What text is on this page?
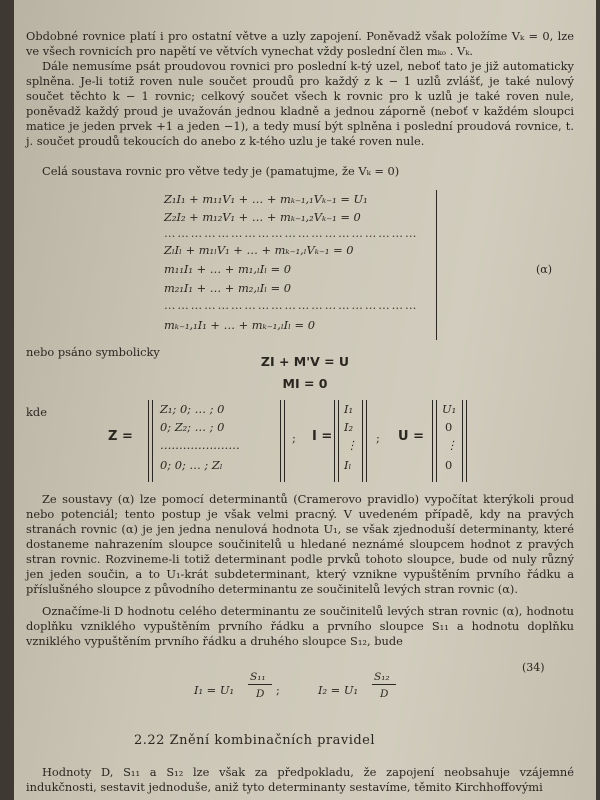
Obdobné rovnice platí i pro ostatní větve a uzly zapojení. Poněvadž však položíme Vₖ = 0, lze ve všech rovnicích pro napětí ve větvích vynechat vždy poslední člen mₖₒ . Vₖ.

Dále nemusíme psát proudovou rovnici pro poslední k-tý uzel, neboť tato je již automaticky splněna. Je-li totiž roven nule součet proudů pro každý z k − 1 uzlů zvlášť, je také nulový součet těchto k − 1 rovnic; celkový součet všech k rovnic pro k uzlů je také roven nule, poněvadž každý proud je uvažován jednou kladně a jednou záporně (neboť v každém sloupci matice je jeden prvek +1 a jeden −1), a tedy musí být splněna i poslední proudová rovnice, t. j. součet proudů tekoucích do anebo z k-tého uzlu je také roven nule.

Celá soustava rovnic pro větve tedy je (pamatujme, že Vₖ = 0)

Z₁I₁ + m₁₁V₁ + … + mₖ₋₁,₁Vₖ₋₁ = U₁
Z₂I₂ + m₁₂V₁ + … + mₖ₋₁,₂Vₖ₋₁ = 0
…………………………………………………
ZₗIₗ + m₁ₗV₁ + … + mₖ₋₁,ₗVₖ₋₁ = 0
m₁₁I₁ + … + m₁,ₗIₗ = 0
m₂₁I₁ + … + m₂,ₗIₗ = 0
…………………………………………………
mₖ₋₁,₁I₁ + … + mₖ₋₁,ₗIₗ = 0
(α)

nebo psáno symbolicky

ZI + M'V = U
MI = 0

kde

Z =
Z₁; 0; … ; 0
0; Z₂; … ; 0
…………………
0; 0; … ; Zₗ
; I =
I₁
I₂
⋮
Iₗ
; U =
U₁
0
⋮
0

Ze soustavy (α) lze pomocí determinantů (Cramerovo pravidlo) vypočítat kterýkoli proud nebo potenciál; tento postup je však velmi pracný. V uvedeném případě, kdy na pravých stranách rovnic (α) je jen jedna nenulová hodnota U₁, se však zjednoduší determinanty, které dostaneme nahrazením sloupce součinitelů u hledané neznámé sloupcem hodnot z pravých stran rovnic. Rozvineme-li totiž determinant podle prvků tohoto sloupce, bude od nuly různý jen jeden součin, a to U₁-krát subdeterminant, který vznikne vypuštěním prvního řádku a příslušného sloupce z původního determinantu ze součinitelů levých stran rovnic (α).

Označíme-li D hodnotu celého determinantu ze součinitelů levých stran rovnic (α), hodnotu doplňku vzniklého vypuštěním prvního řádku a prvního sloupce S₁₁ a hodnotu doplňku vzniklého vypuštěním prvního řádku a druhého sloupce S₁₂, bude

I₁ = U₁
S₁₁
D ;	I₂ = U₁
S₁₂
D
(34)
2.22 Znění kombinačních pravidel

Hodnoty D, S₁₁ a S₁₂ lze však za předpokladu, že zapojení neobsahuje vzájemné indukčnosti, sestavit jednoduše, aniž tyto determinanty sestavíme, těmito Kirchhoffovými
